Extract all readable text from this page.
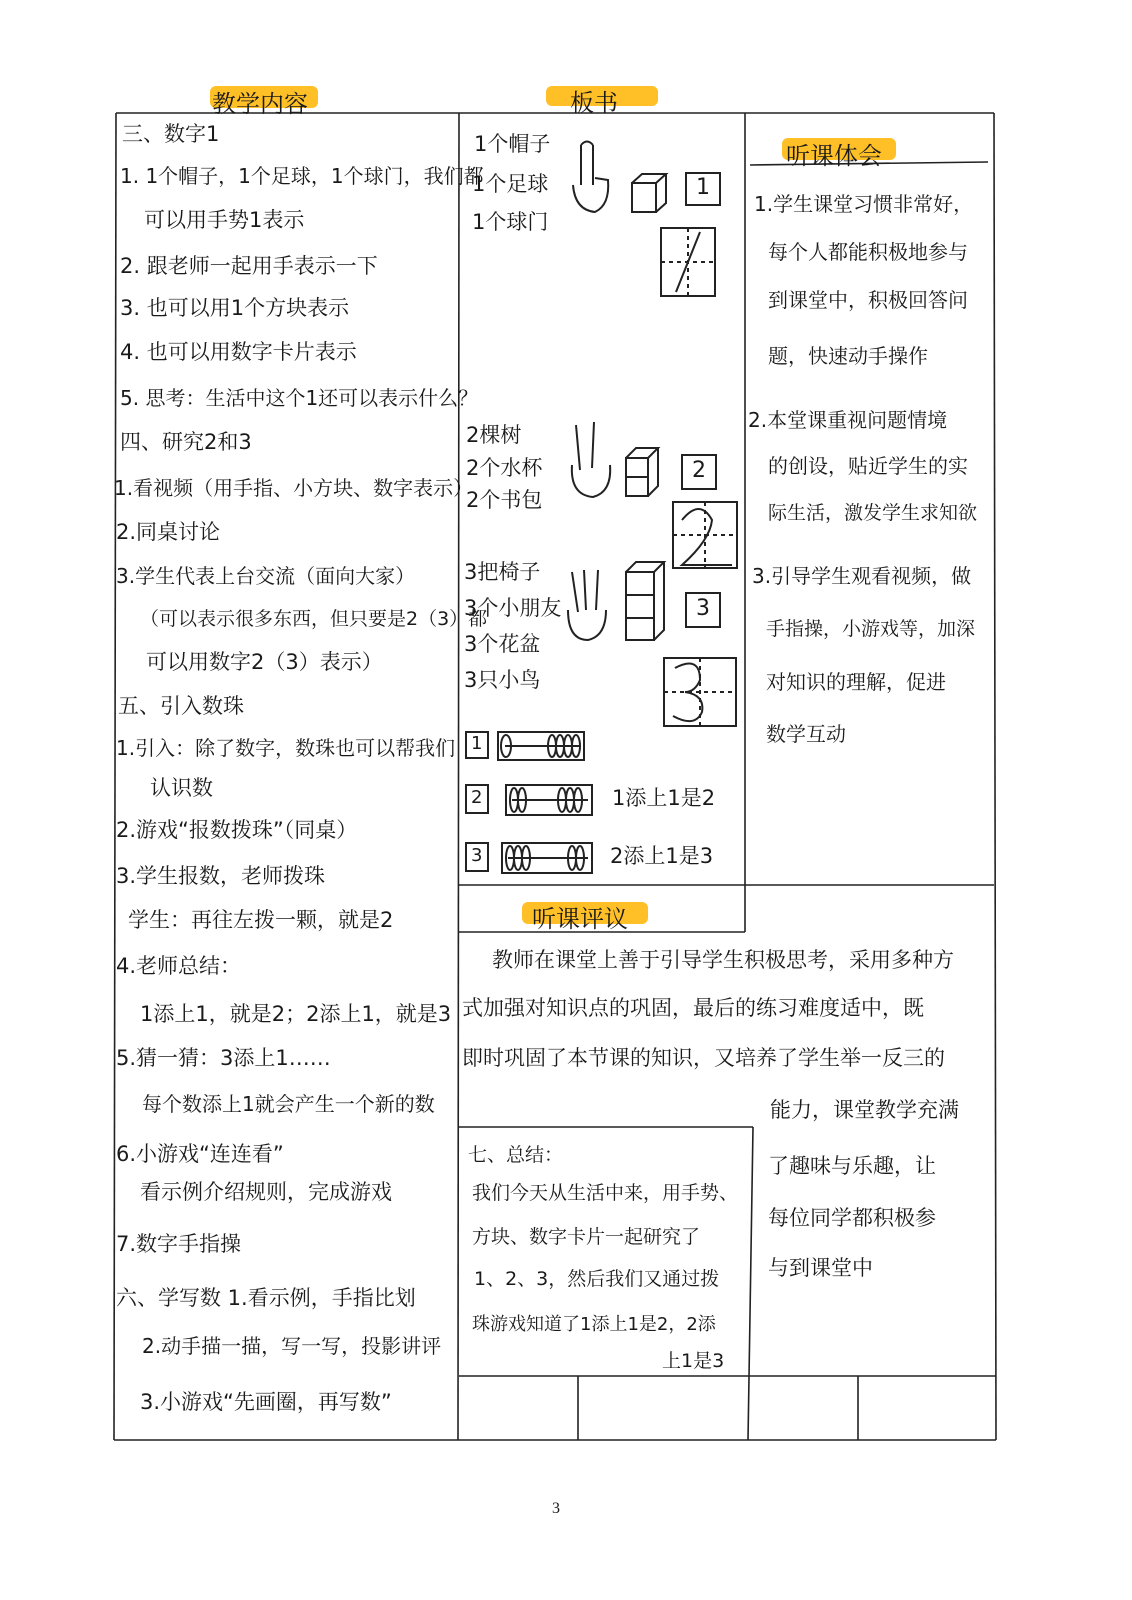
教学内容	板书
听课体会
听课评议
三、数字1
1. 1个帽子，1个足球，1个球门，我们都
可以用手势1表示
2. 跟老师一起用手表示一下
3. 也可以用1个方块表示
4. 也可以用数字卡片表示
5. 思考：生活中这个1还可以表示什么？
四、研究2和3
1.看视频（用手指、小方块、数字表示）
2.同桌讨论
3.学生代表上台交流（面向大家）
（可以表示很多东西，但只要是2（3）都
可以用数字2（3）表示）
五、引入数珠
1.引入：除了数字，数珠也可以帮我们
认识数
2.游戏“报数拨珠”（同桌）
3.学生报数，老师拨珠
学生：再往左拨一颗，就是2
4.老师总结：
1添上1，就是2；2添上1，就是3
5.猜一猜：3添上1……
每个数添上1就会产生一个新的数
6.小游戏“连连看”
看示例介绍规则，完成游戏
7.数字手指操
六、学写数 1.看示例，手指比划
2.动手描一描，写一写，投影讲评
3.小游戏“先画圈，再写数”
1个帽子
1个足球
1个球门
2棵树
2个水杯
2个书包
3把椅子
3个小朋友
3个花盆
3只小鸟
1
2
3
1
2
3
1添上1是2
2添上1是3
1.学生课堂习惯非常好，
每个人都能积极地参与
到课堂中，积极回答问
题，快速动手操作
2.本堂课重视问题情境
的创设，贴近学生的实
际生活，激发学生求知欲
3.引导学生观看视频，做
手指操，小游戏等，加深
对知识的理解，促进
数学互动
教师在课堂上善于引导学生积极思考，采用多种方
式加强对知识点的巩固，最后的练习难度适中，既
即时巩固了本节课的知识，又培养了学生举一反三的
能力，课堂教学充满
了趣味与乐趣，让
每位同学都积极参
与到课堂中
七、总结：
我们今天从生活中来，用手势、
方块、数字卡片一起研究了
1、2、3，然后我们又通过拨
珠游戏知道了1添上1是2，2添
上1是3
3
